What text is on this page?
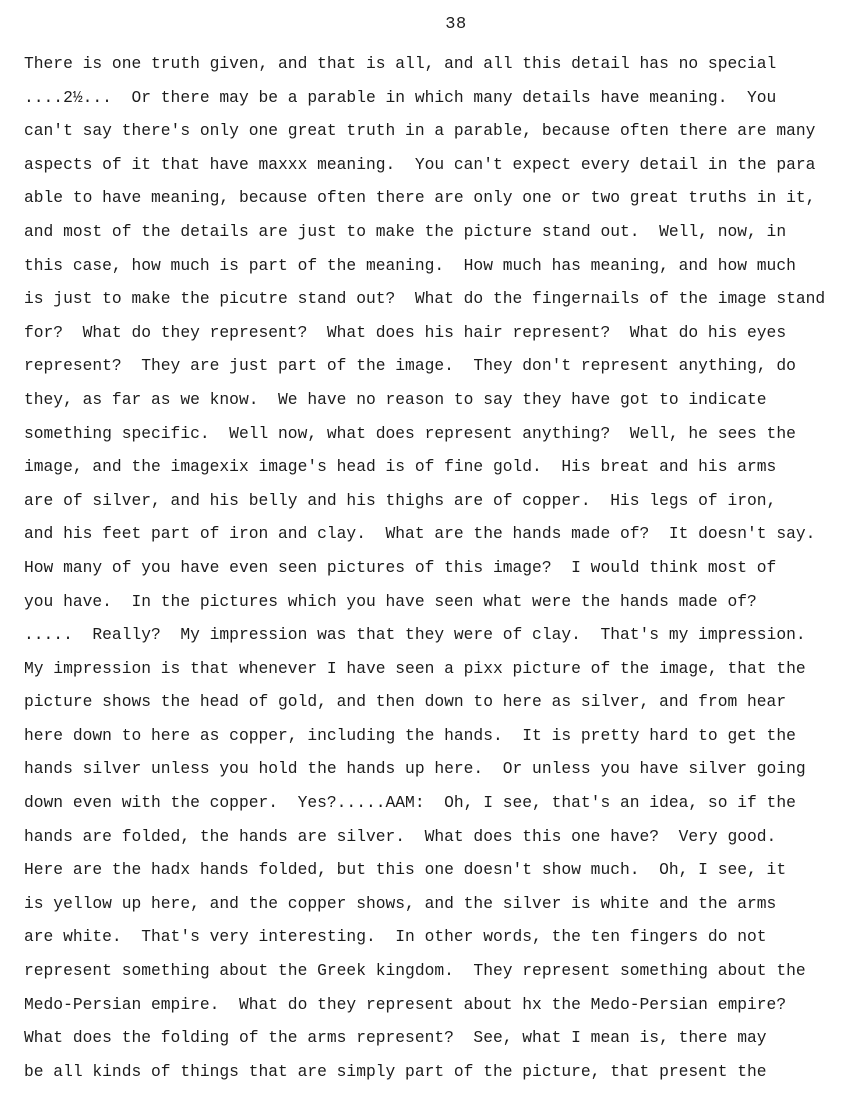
38
There is one truth given, and that is all, and all this detail has no special
....2½...  Or there may be a parable in which many details have meaning.  You
can't say there's only one great truth in a parable, because often there are many
aspects of it that have maxxx meaning.  You can't expect every detail in the para
able to have meaning, because often there are only one or two great truths in it,
and most of the details are just to make the picture stand out.  Well, now, in
this case, how much is part of the meaning.  How much has meaning, and how much
is just to make the picutre stand out?  What do the fingernails of the image stand
for?  What do they represent?  What does his hair represent?  What do his eyes
represent?  They are just part of the image.  They don't represent anything, do
they, as far as we know.  We have no reason to say they have got to indicate
something specific.  Well now, what does represent anything?  Well, he sees the
image, and the imagexix image's head is of fine gold.  His breat and his arms
are of silver, and his belly and his thighs are of copper.  His legs of iron,
and his feet part of iron and clay.  What are the hands made of?  It doesn't say.
How many of you have even seen pictures of this image?  I would think most of
you have.  In the pictures which you have seen what were the hands made of?
.....  Really?  My impression was that they were of clay.  That's my impression.
My impression is that whenever I have seen a pixx picture of the image, that the
picture shows the head of gold, and then down to here as silver, and from hear
here down to here as copper, including the hands.  It is pretty hard to get the
hands silver unless you hold the hands up here.  Or unless you have silver going
down even with the copper.  Yes?.....AAM:  Oh, I see, that's an idea, so if the
hands are folded, the hands are silver.  What does this one have?  Very good.
Here are the hadx hands folded, but this one doesn't show much.  Oh, I see, it
is yellow up here, and the copper shows, and the silver is white and the arms
are white.  That's very interesting.  In other words, the ten fingers do not
represent something about the Greek kingdom.  They represent something about the
Medo-Persian empire.  What do they represent about hx the Medo-Persian empire?
What does the folding of the arms represent?  See, what I mean is, there may
be all kinds of things that are simply part of the picture, that present the
